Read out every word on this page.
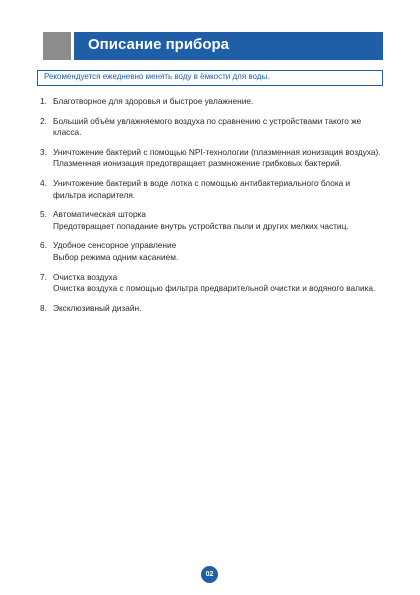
Описание прибора
Рекомендуется ежедневно менять воду в ёмкости для воды.
1. Благотворное для здоровья и быстрое увлажнение.
2. Больший объём увлажняемого воздуха по сравнению с устройствами такого же класса.
3. Уничтожение бактерий с помощью NPI-технологии (плазменная ионизация воздуха). Плазменная ионизация предотвращает размножение грибковых бактерий.
4. Уничтожение бактерий в воде лотка с помощью антибактериального блока и фильтра испарителя.
5. Автоматическая шторка
Предотвращает попадание внутрь устройства пыли и других мелких частиц.
6. Удобное сенсорное управление
Выбор режима одним касанием.
7. Очистка воздуха
Очистка воздуха с помощью фильтра предварительной очистки и водяного валика.
8. Эксклюзивный дизайн.
02
